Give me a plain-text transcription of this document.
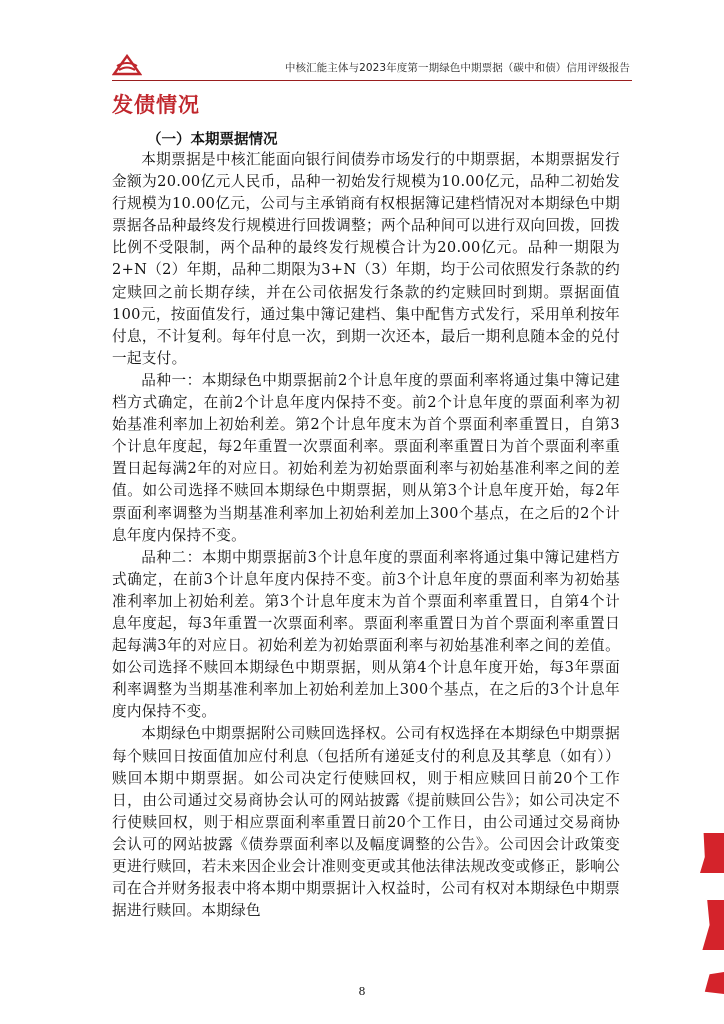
中核汇能主体与2023年度第一期绿色中期票据（碳中和债）信用评级报告
发债情况
（一）本期票据情况

本期票据是中核汇能面向银行间债券市场发行的中期票据，本期票据发行金额为20.00亿元人民币，品种一初始发行规模为10.00亿元，品种二初始发行规模为10.00亿元，公司与主承销商有权根据簿记建档情况对本期绿色中期票据各品种最终发行规模进行回拨调整；两个品种间可以进行双向回拨，回拨比例不受限制，两个品种的最终发行规模合计为20.00亿元。品种一期限为2+N（2）年期，品种二期限为3+N（3）年期，均于公司依照发行条款的约定赎回之前长期存续，并在公司依据发行条款的约定赎回时到期。票据面值100元，按面值发行，通过集中簿记建档、集中配售方式发行，采用单利按年付息，不计复利。每年付息一次，到期一次还本，最后一期利息随本金的兑付一起支付。

品种一：本期绿色中期票据前2个计息年度的票面利率将通过集中簿记建档方式确定，在前2个计息年度内保持不变。前2个计息年度的票面利率为初始基准利率加上初始利差。第2个计息年度末为首个票面利率重置日，自第3个计息年度起，每2年重置一次票面利率。票面利率重置日为首个票面利率重置日起每满2年的对应日。初始利差为初始票面利率与初始基准利率之间的差值。如公司选择不赎回本期绿色中期票据，则从第3个计息年度开始，每2年票面利率调整为当期基准利率加上初始利差加上300个基点，在之后的2个计息年度内保持不变。

品种二：本期中期票据前3个计息年度的票面利率将通过集中簿记建档方式确定，在前3个计息年度内保持不变。前3个计息年度的票面利率为初始基准利率加上初始利差。第3个计息年度末为首个票面利率重置日，自第4个计息年度起，每3年重置一次票面利率。票面利率重置日为首个票面利率重置日起每满3年的对应日。初始利差为初始票面利率与初始基准利率之间的差值。如公司选择不赎回本期绿色中期票据，则从第4个计息年度开始，每3年票面利率调整为当期基准利率加上初始利差加上300个基点，在之后的3个计息年度内保持不变。

本期绿色中期票据附公司赎回选择权。公司有权选择在本期绿色中期票据每个赎回日按面值加应付利息（包括所有递延支付的利息及其孳息（如有））赎回本期中期票据。如公司决定行使赎回权，则于相应赎回日前20个工作日，由公司通过交易商协会认可的网站披露《提前赎回公告》；如公司决定不行使赎回权，则于相应票面利率重置日前20个工作日，由公司通过交易商协会认可的网站披露《债券票面利率以及幅度调整的公告》。公司因会计政策变更进行赎回，若未来因企业会计准则变更或其他法律法规改变或修正，影响公司在合并财务报表中将本期中期票据计入权益时，公司有权对本期绿色中期票据进行赎回。本期绿色

8
